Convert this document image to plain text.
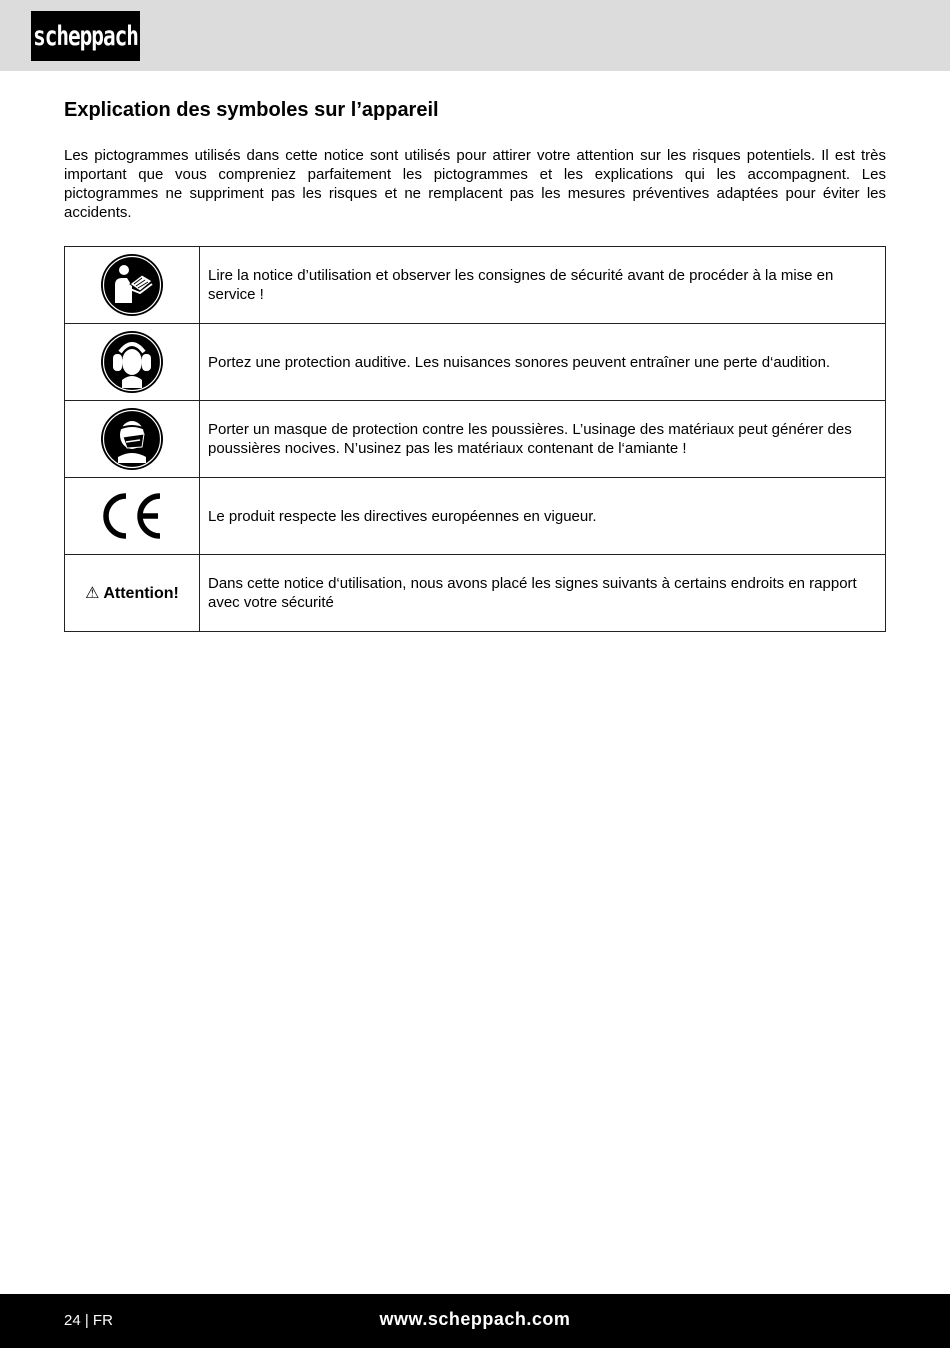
scheppach
Explication des symboles sur l’appareil

Les pictogrammes utilisés dans cette notice sont utilisés pour attirer votre attention sur les risques potentiels. Il est très important que vous compreniez parfaitement les pictogrammes et les explications qui les accompagnent. Les pictogrammes ne suppriment pas les risques et ne remplacent pas les mesures préventives adaptées pour éviter les accidents.

	Lire la notice d’utilisation et observer les consignes de sécurité avant de procéder à la mise en service !

	Portez une protection auditive. Les nuisances sonores peuvent entraîner une perte d‘audition.

	Porter un masque de protection contre les poussières. L’usinage des matériaux peut générer des poussières nocives. N’usinez pas les matériaux contenant de l‘amiante !

	Le produit respecte les directives européennes en vigueur.
⚠ Attention!	Dans cette notice d‘utilisation, nous avons placé les signes suivants à certains endroits en rapport avec votre sécurité
24 | FR	www.scheppach.com
